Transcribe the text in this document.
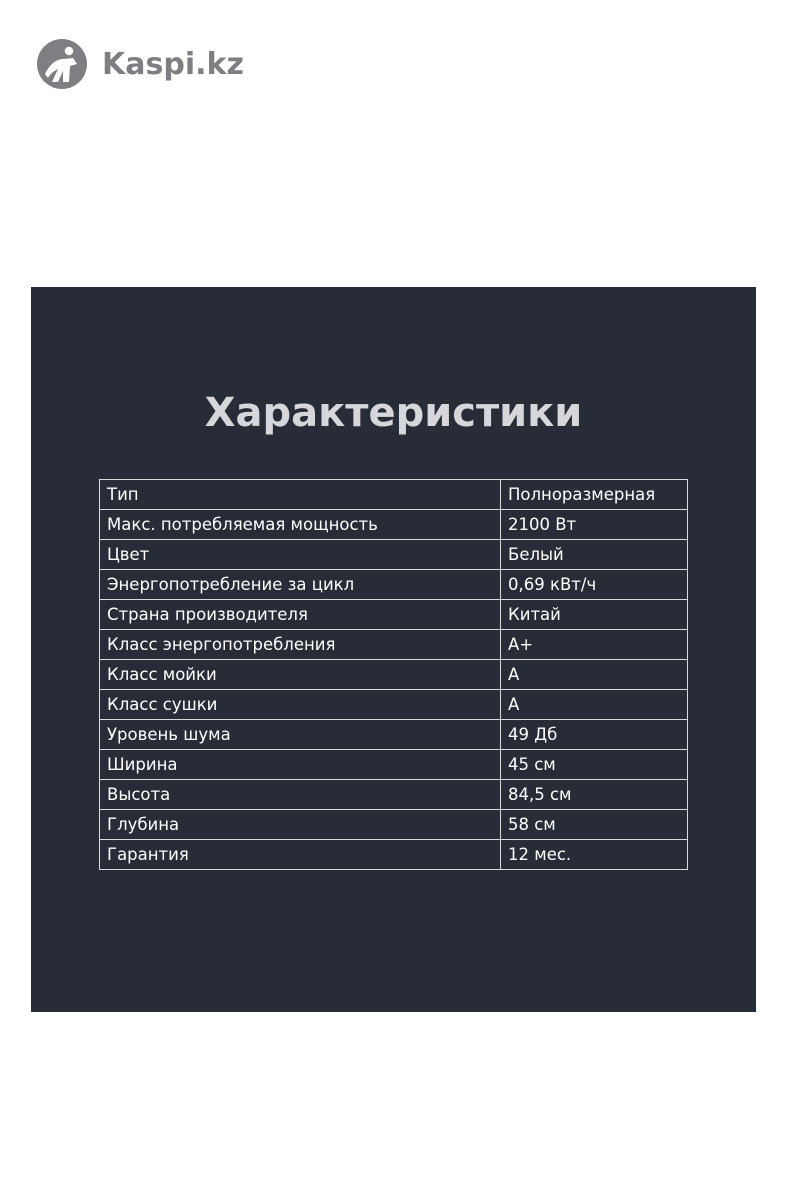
Kaspi.kz
Характеристики
Тип	Полноразмерная
Макс. потребляемая мощность	2100 Вт
Цвет	Белый
Энергопотребление за цикл	0,69 кВт/ч
Страна производителя	Китай
Класс энергопотребления	А+
Класс мойки	А
Класс сушки	А
Уровень шума	49 Дб
Ширина	45 см
Высота	84,5 см
Глубина	58 см
Гарантия	12 мес.
